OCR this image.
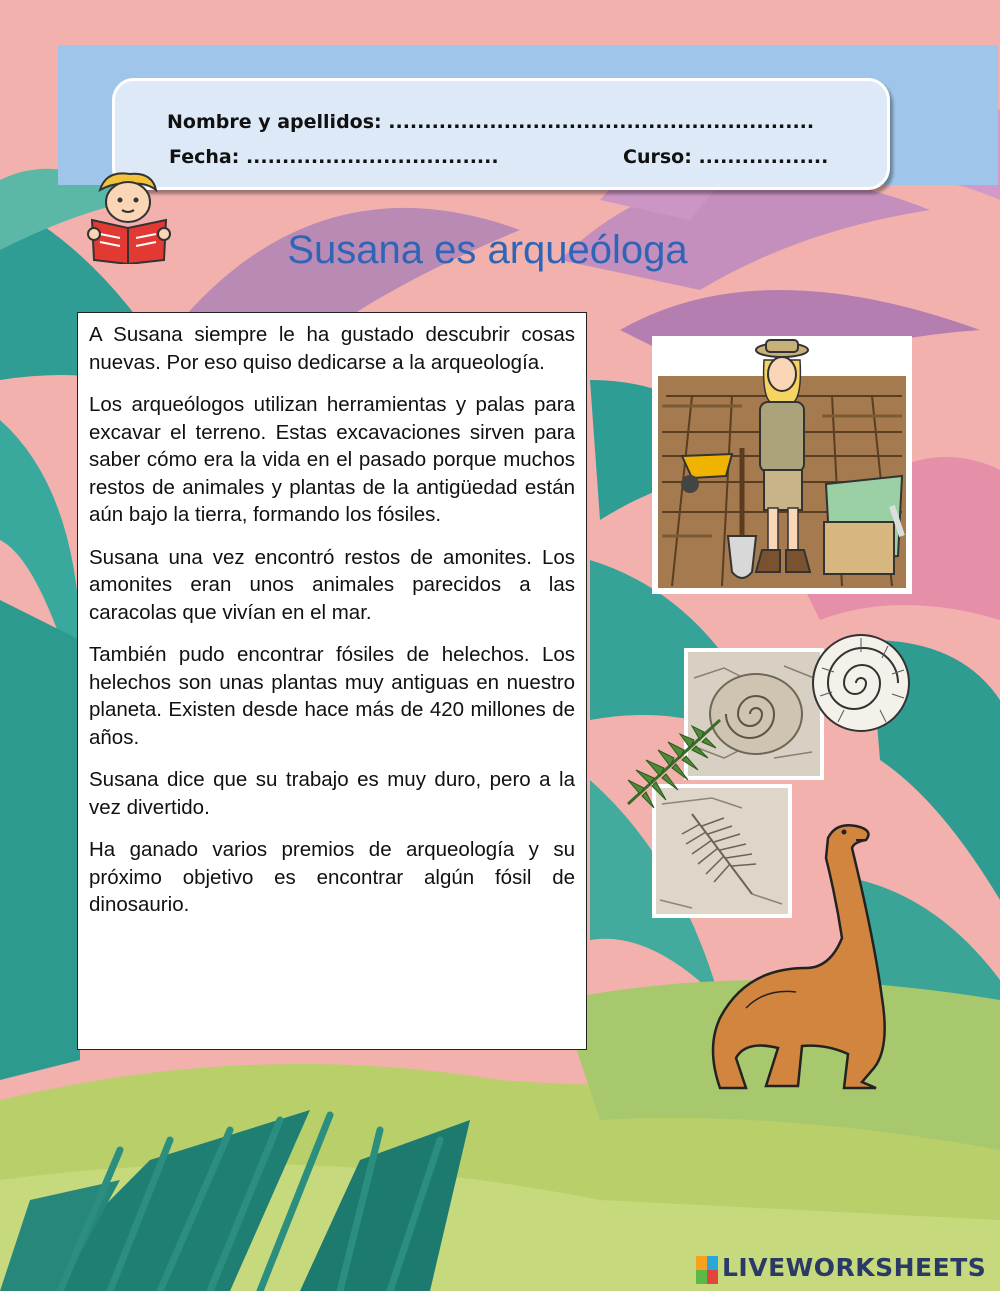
Nombre y apellidos: ...........................................................
Fecha: ...................................	Curso: ..................
Susana es arqueóloga

A Susana siempre le ha gustado descubrir cosas nuevas. Por eso quiso dedicarse a la arqueología.

Los arqueólogos utilizan herramientas y palas para excavar el terreno. Estas excavaciones sirven para saber cómo era la vida en el pasado porque muchos restos de animales y plantas de la antigüedad están aún bajo la tierra, formando los fósiles.

Susana una vez encontró restos de amonites. Los amonites eran unos animales parecidos a las caracolas que vivían en el mar.

También pudo encontrar fósiles de helechos. Los helechos son unas plantas muy antiguas en nuestro planeta. Existen desde hace más de 420 millones de años.

Susana dice que su trabajo es muy duro, pero a la vez divertido.

Ha ganado varios premios de arqueología y su próximo objetivo es encontrar algún fósil de dinosaurio.

LIVEWORKSHEETS
